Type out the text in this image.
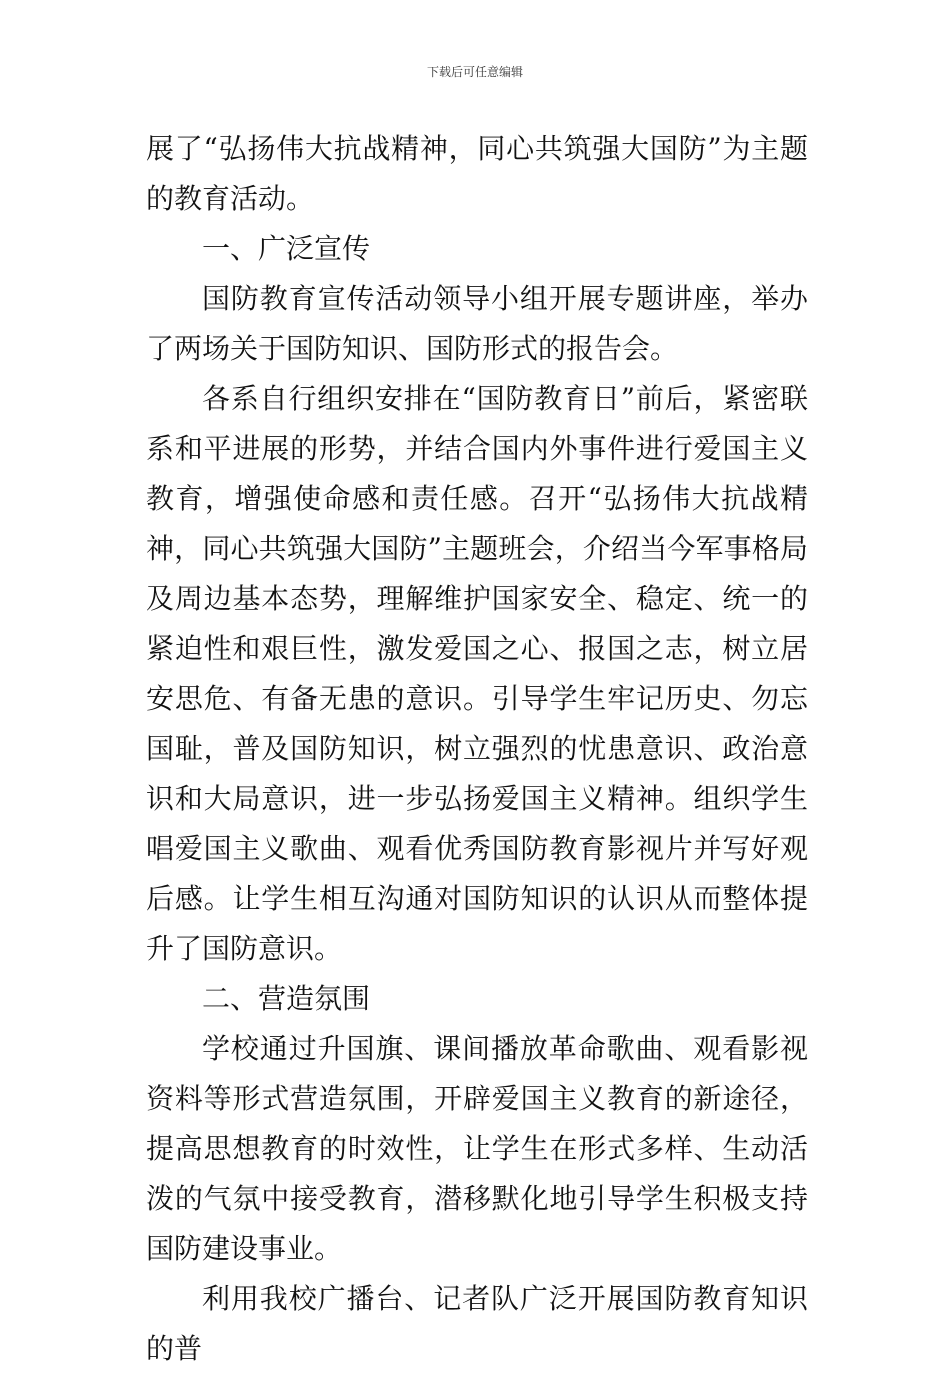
下载后可任意编辑

展了“弘扬伟大抗战精神，同心共筑强大国防”为主题的教育活动。

一、广泛宣传

国防教育宣传活动领导小组开展专题讲座，举办了两场关于国防知识、国防形式的报告会。

各系自行组织安排在“国防教育日”前后，紧密联系和平进展的形势，并结合国内外事件进行爱国主义教育，增强使命感和责任感。召开“弘扬伟大抗战精神，同心共筑强大国防”主题班会，介绍当今军事格局及周边基本态势，理解维护国家安全、稳定、统一的紧迫性和艰巨性，激发爱国之心、报国之志，树立居安思危、有备无患的意识。引导学生牢记历史、勿忘国耻，普及国防知识，树立强烈的忧患意识、政治意识和大局意识，进一步弘扬爱国主义精神。组织学生唱爱国主义歌曲、观看优秀国防教育影视片并写好观后感。让学生相互沟通对国防知识的认识从而整体提升了国防意识。

二、营造氛围

学校通过升国旗、课间播放革命歌曲、观看影视资料等形式营造氛围，开辟爱国主义教育的新途径，提高思想教育的时效性，让学生在形式多样、生动活泼的气氛中接受教育，潜移默化地引导学生积极支持国防建设事业。

利用我校广播台、记者队广泛开展国防教育知识的普
